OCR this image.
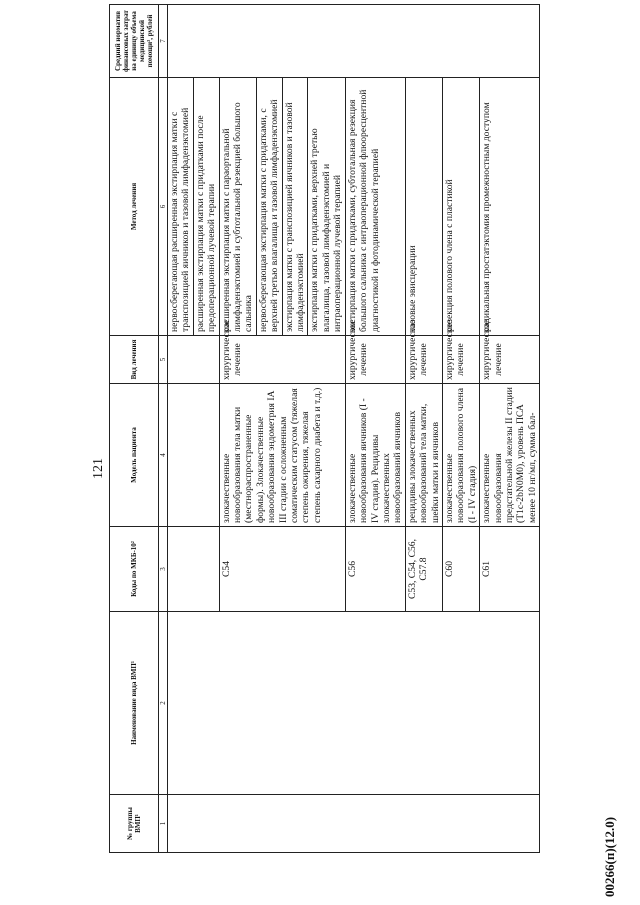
121
№ группы ВМП¹	Наименование вида ВМП¹	Коды по МКБ-10²	Модель пациента	Вид лечения	Метод лечения	Средний норматив финансовых затрат на единицу объема медицинской помощи³, рублей
1	2	3	4	5	6	7
					нервосберегающая расширенная экстирпация матки с транспозицией яичников и тазовой лимфаденэктомией	
					расширенная экстирпация матки с придатками после предоперационной лучевой терапии	
		C54	злокачественные новообразования тела матки (местнораспространенные формы). Злокачественные новообразования эндометрия IA III стадии с осложненным соматическим статусом (тяжелая степень ожирения, тяжелая степень сахарного диабета и т.д.)	хирургическое лечение	расширенная экстирпация матки с параортальной лимфаденэктомией и субтотальной резекцией большого сальника	
					нервосберегающая экстирпация матки с придатками, с верхней третью влагалища и тазовой лимфаденэктомией	
					экстирпация матки с транспозицией яичников и тазовой лимфаденэктомией	
					экстирпация матки с придатками, верхней третью влагалища, тазовой лимфаденэктомией и интраоперационной лучевой терапией	
		C56	злокачественные новообразования яичников (I - IV стадия). Рецидивы злокачественных новообразований яичников	хирургическое лечение	экстирпация матки с придатками, субтотальная резекция большого сальника с интраоперационной флюоресцентной диагностикой и фотодинамической терапией	
		C53, C54, C56, C57.8	рецидивы злокачественных новообразований тела матки, шейки матки и яичников	хирургическое лечение	тазовые эвисцерации	
		C60	злокачественные новообразования полового члена (I - IV стадия)	хирургическое лечение	резекция полового члена с пластикой	
		C61	злокачественные новообразования предстательной железы II стадии (T1c-2bN0M0), уровень ПСА менее 10 нг/мл, сумма бал-	хирургическое лечение	радикальная простатэктомия промежностным доступом	
00266(п)(12.0)
